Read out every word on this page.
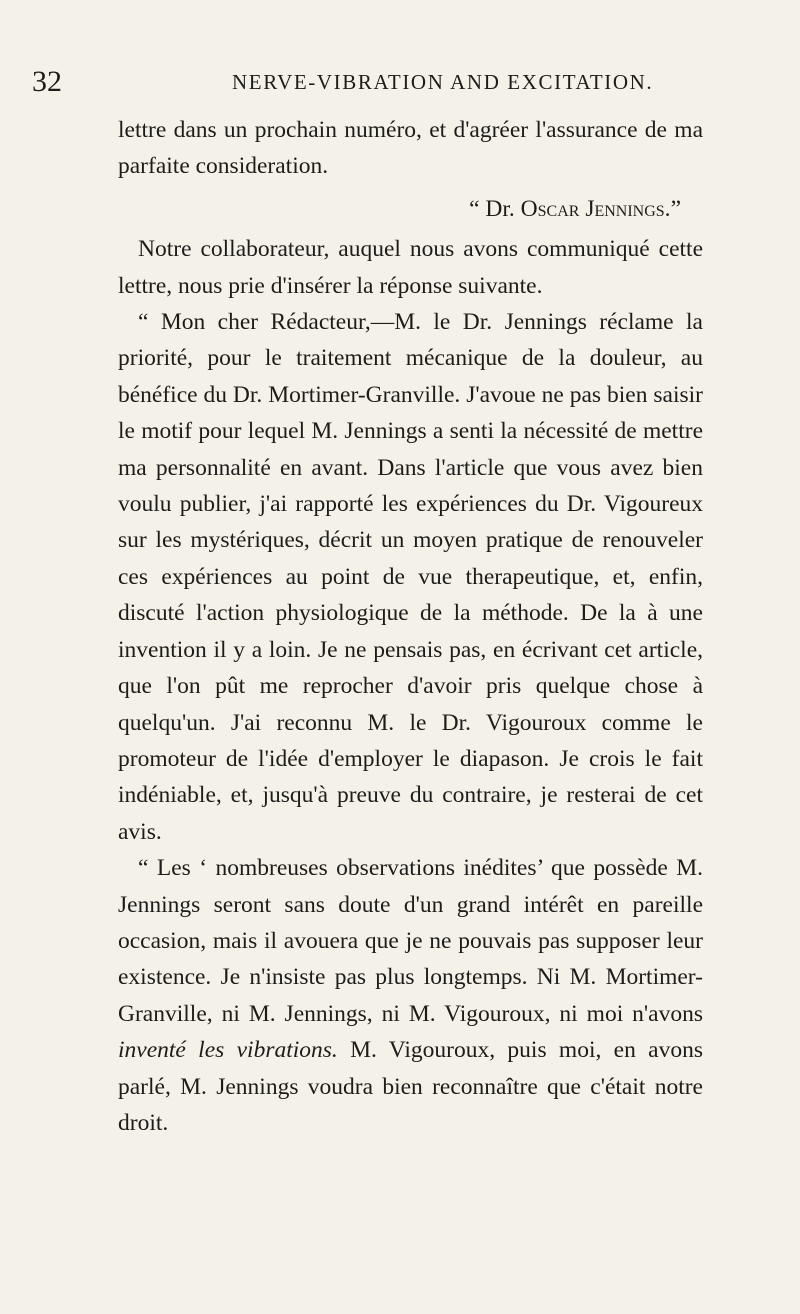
32	NERVE-VIBRATION AND EXCITATION.

lettre dans un prochain numéro, et d'agréer l'assurance de ma parfaite consideration.

“ Dr. Oscar Jennings.”

Notre collaborateur, auquel nous avons communiqué cette lettre, nous prie d'insérer la réponse suivante.

“ Mon cher Rédacteur,—M. le Dr. Jennings réclame la priorité, pour le traitement mécanique de la douleur, au bénéfice du Dr. Mortimer-Granville. J'avoue ne pas bien saisir le motif pour lequel M. Jennings a senti la nécessité de mettre ma personnalité en avant. Dans l'article que vous avez bien voulu publier, j'ai rapporté les expériences du Dr. Vigoureux sur les mystériques, décrit un moyen pratique de renouveler ces expériences au point de vue therapeutique, et, enfin, discuté l'action physiologique de la méthode. De la à une invention il y a loin. Je ne pensais pas, en écrivant cet article, que l'on pût me reprocher d'avoir pris quelque chose à quelqu'un. J'ai reconnu M. le Dr. Vigouroux comme le promoteur de l'idée d'employer le diapason. Je crois le fait indéniable, et, jusqu'à preuve du contraire, je resterai de cet avis.

“ Les ‘ nombreuses observations inédites’ que possède M. Jennings seront sans doute d'un grand intérêt en pareille occasion, mais il avouera que je ne pouvais pas supposer leur existence. Je n'insiste pas plus longtemps. Ni M. Mortimer-Granville, ni M. Jennings, ni M. Vigouroux, ni moi n'avons inventé les vibrations. M. Vigouroux, puis moi, en avons parlé, M. Jennings voudra bien reconnaître que c'était notre droit.
